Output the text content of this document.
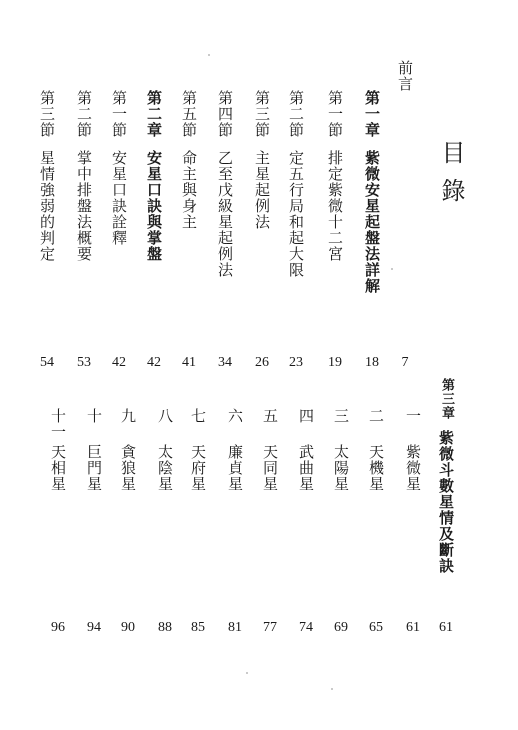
目錄
前言
7
第一章紫微安星起盤法詳解
18
第一節排定紫微十二宮
19
第二節定五行局和起大限
23
第三節主星起例法
26
第四節乙至戊級星起例法
34
第五節命主與身主
41
第二章安星口訣與掌盤
42
第一節安星口訣詮釋
42
第二節掌中排盤法概要
53
第三節星情強弱的判定
54
第三章紫微斗數星情及斷訣
61
一紫微星
61
二天機星
65
三太陽星
69
四武曲星
74
五天同星
77
六廉貞星
81
七天府星
85
八太陰星
88
九貪狼星
90
十巨門星
94
十一天相星
96
